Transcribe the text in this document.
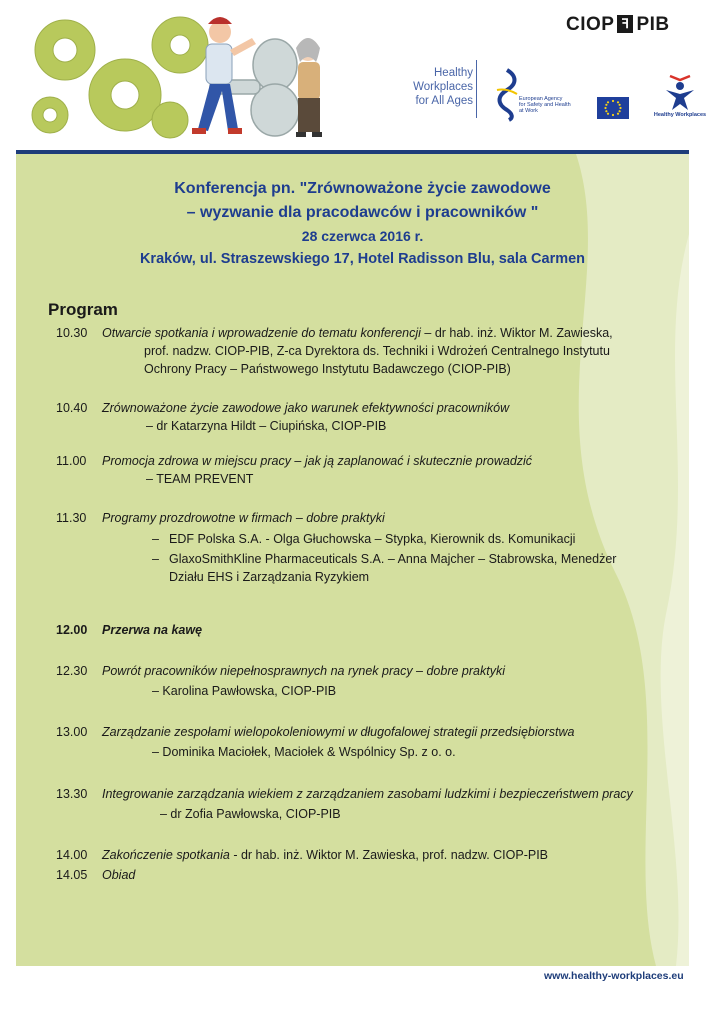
CIOP ꟻ PIB
Healthy
Workplaces
for All Ages	European Agency
for Safety and Health
at Work
Healthy Workplaces
Konferencja pn. "Zrównoważone życie zawodowe
– wyzwanie dla pracodawców i pracowników "
28 czerwca 2016 r.
Kraków, ul. Straszewskiego 17, Hotel Radisson Blu, sala Carmen
Program
10.30 Otwarcie spotkania i wprowadzenie do tematu konferencji – dr hab. inż. Wiktor M. Zawieska,
prof. nadzw. CIOP-PIB, Z-ca Dyrektora ds. Techniki i Wdrożeń Centralnego Instytutu
Ochrony Pracy – Państwowego Instytutu Badawczego (CIOP-PIB)
10.40 Zrównoważone życie zawodowe jako warunek efektywności pracowników
– dr Katarzyna Hildt – Ciupińska, CIOP-PIB
11.00 Promocja zdrowa w miejscu pracy – jak ją zaplanować i skutecznie prowadzić
– TEAM PREVENT
11.30 Programy prozdrowotne w firmach – dobre praktyki
– EDF Polska S.A. - Olga Głuchowska – Stypka, Kierownik ds. Komunikacji
– GlaxoSmithKline Pharmaceuticals S.A. – Anna Majcher – Stabrowska, Menedżer
Działu EHS i Zarządzania Ryzykiem
12.00 Przerwa na kawę
12.30 Powrót pracowników niepełnosprawnych na rynek pracy – dobre praktyki
– Karolina Pawłowska, CIOP-PIB
13.00 Zarządzanie zespołami wielopokoleniowymi w długofalowej strategii przedsiębiorstwa
– Dominika Maciołek, Maciołek & Wspólnicy Sp. z o. o.
13.30 Integrowanie zarządzania wiekiem z zarządzaniem zasobami ludzkimi i bezpieczeństwem pracy
– dr Zofia Pawłowska, CIOP-PIB
14.00 Zakończenie spotkania - dr hab. inż. Wiktor M. Zawieska, prof. nadzw. CIOP-PIB
14.05 Obiad
www.healthy-workplaces.eu
